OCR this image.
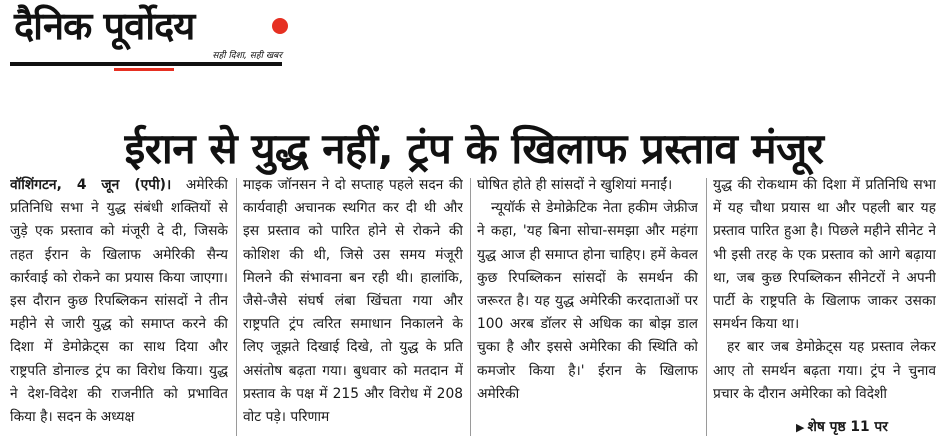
दैनिक पूर्वोदय
सही दिशा, सही खबर
ईरान से युद्ध नहीं, ट्रंप के खिलाफ प्रस्ताव मंजूर
वॉशिंगटन, 4 जून (एपी)। अमेरिकी प्रतिनिधि सभा ने युद्ध संबंधी शक्तियों से जुड़े एक प्रस्ताव को मंजूरी दे दी, जिसके तहत ईरान के खिलाफ अमेरिकी सैन्य कार्रवाई को रोकने का प्रयास किया जाएगा। इस दौरान कुछ रिपब्लिकन सांसदों ने तीन महीने से जारी युद्ध को समाप्त करने की दिशा में डेमोक्रेट्स का साथ दिया और राष्ट्रपति डोनाल्ड ट्रंप का विरोध किया। युद्ध ने देश-विदेश की राजनीति को प्रभावित किया है। सदन के अध्यक्ष
माइक जॉनसन ने दो सप्ताह पहले सदन की कार्यवाही अचानक स्थगित कर दी थी और इस प्रस्ताव को पारित होने से रोकने की कोशिश की थी, जिसे उस समय मंजूरी मिलने की संभावना बन रही थी। हालांकि, जैसे-जैसे संघर्ष लंबा खिंचता गया और राष्ट्रपति ट्रंप त्वरित समाधान निकालने के लिए जूझते दिखाई दिखे, तो युद्ध के प्रति असंतोष बढ़ता गया। बुधवार को मतदान में प्रस्ताव के पक्ष में 215 और विरोध में 208 वोट पड़े। परिणाम
घोषित होते ही सांसदों ने खुशियां मनाईं।
न्यूयॉर्क से डेमोक्रेटिक नेता हकीम जेफ्रीज ने कहा, 'यह बिना सोचा-समझा और महंगा युद्ध आज ही समाप्त होना चाहिए। हमें केवल कुछ रिपब्लिकन सांसदों के समर्थन की जरूरत है। यह युद्ध अमेरिकी करदाताओं पर 100 अरब डॉलर से अधिक का बोझ डाल चुका है और इससे अमेरिका की स्थिति को कमजोर किया है।' ईरान के खिलाफ अमेरिकी
युद्ध की रोकथाम की दिशा में प्रतिनिधि सभा में यह चौथा प्रयास था और पहली बार यह प्रस्ताव पारित हुआ है। पिछले महीने सीनेट ने भी इसी तरह के एक प्रस्ताव को आगे बढ़ाया था, जब कुछ रिपब्लिकन सीनेटरों ने अपनी पार्टी के राष्ट्रपति के खिलाफ जाकर उसका समर्थन किया था।
हर बार जब डेमोक्रेट्स यह प्रस्ताव लेकर आए तो समर्थन बढ़ता गया। ट्रंप ने चुनाव प्रचार के दौरान अमेरिका को विदेशी
▶ शेष पृष्ठ 11 पर
